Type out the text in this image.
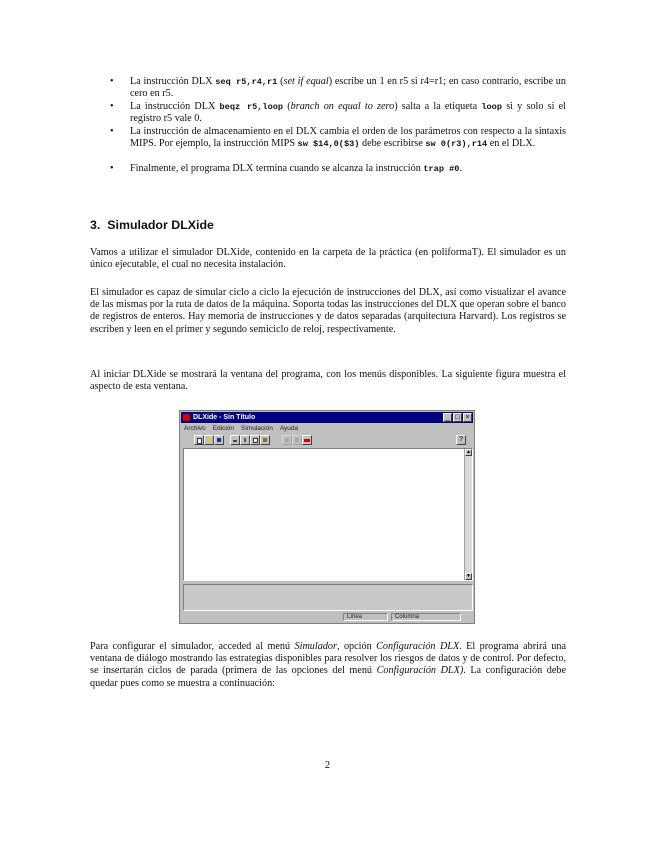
• La instrucción DLX seq r5,r4,r1 (set if equal) escribe un 1 en r5 si r4=r1; en caso contrario, escribe un cero en r5.
• La instrucción DLX beqz r5,loop (branch on equal to zero) salta a la etiqueta loop si y solo si el registro r5 vale 0.
• La instrucción de almacenamiento en el DLX cambia el orden de los parámetros con respecto a la sintaxis MIPS. Por ejemplo, la instrucción MIPS sw $14,0($3) debe escribirse sw 0(r3),r14 en el DLX.
• Finalmente, el programa DLX termina cuando se alcanza la instrucción trap #0.
3. Simulador DLXide

Vamos a utilizar el simulador DLXide, contenido en la carpeta de la práctica (en poliformaT). El simulador es un único ejecutable, el cual no necesita instalación.

El simulador es capaz de simular ciclo a ciclo la ejecución de instrucciones del DLX, así como visualizar el avance de las mismas por la ruta de datos de la máquina. Soporta todas las instrucciones del DLX que operan sobre el banco de registros de enteros. Hay memoria de instrucciones y de datos separadas (arquitectura Harvard). Los registros se escriben y leen en el primer y segundo semiciclo de reloj, respectivamente.

Al iniciar DLXide se mostrará la ventana del programa, con los menús disponibles. La siguiente figura muestra el aspecto de esta ventana.

DLXide - Sin Título	_ □ ×
Archivo	Edición	Simulación	Ayuda
?
▲
▼
Línea	Columna

Para configurar el simulador, acceded al menú Simulador, opción Configuración DLX. El programa abrirá una ventana de diálogo mostrando las estrategias disponibles para resolver los riesgos de datos y de control. Por defecto, se insertarán ciclos de parada (primera de las opciones del menú Configuración DLX). La configuración debe quedar pues como se muestra a continuación:

2
